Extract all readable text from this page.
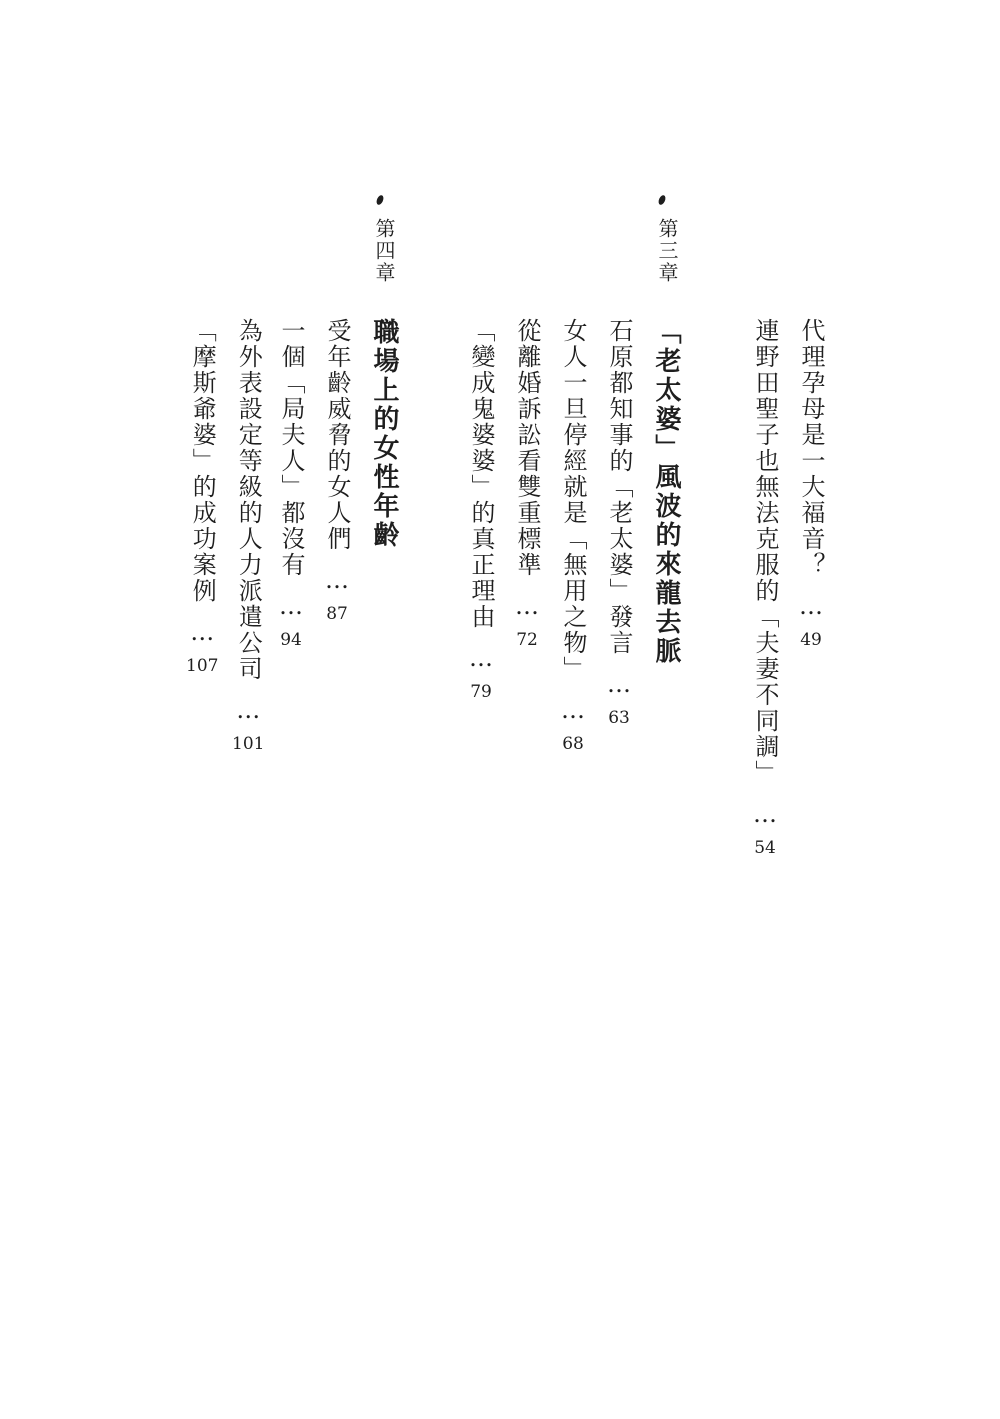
代理孕母是一大福音？…49
連野田聖子也無法克服的「夫妻不同調」…54
第三章
「老太婆」風波的來龍去脈
石原都知事的「老太婆」發言…63
女人一旦停經就是「無用之物」…68
從離婚訴訟看雙重標準…72
「變成鬼婆婆」的真正理由…79
第四章
職場上的女性年齡
受年齡威脅的女人們…87
一個「局夫人」都沒有…94
為外表設定等級的人力派遣公司…101
「摩斯爺婆」的成功案例…107
